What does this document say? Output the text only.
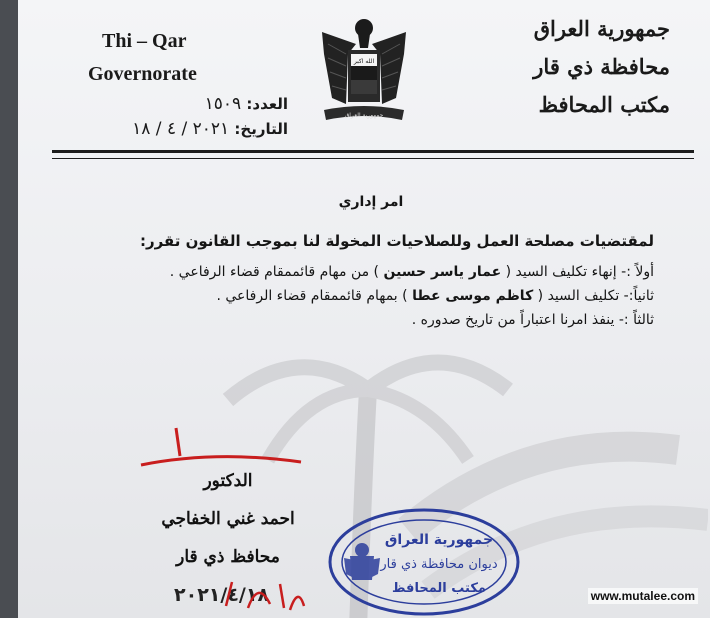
جمهورية العراق
محافظة ذي قار
مكتب المحافظ
Thi – Qar
Governorate
العدد: ١٥٠٩
التاريخ: ٢٠٢١ / ٤ / ١٨
الله اكبر
جمهورية العراق
امر إداري
لمقتضيات مصلحة العمل وللصلاحيات المخولة لنا بموجب القانون تقرر:
أولاً :- إنهاء تكليف السيد ( عمار ياسر حسين ) من مهام قائممقام قضاء الرفاعي .
ثانياً:- تكليف السيد ( كاظم موسى عطا ) بمهام قائممقام قضاء الرفاعي .
ثالثاً :- ينفذ امرنا اعتباراً من تاريخ صدوره .
الدكتور
احمد غني الخفاجي
محافظ ذي قار
٢٠٢١/٤/١٨
جمهورية العراق
ديوان محافظة ذي قار
مكتب المحافظ	www.mutalee.com
